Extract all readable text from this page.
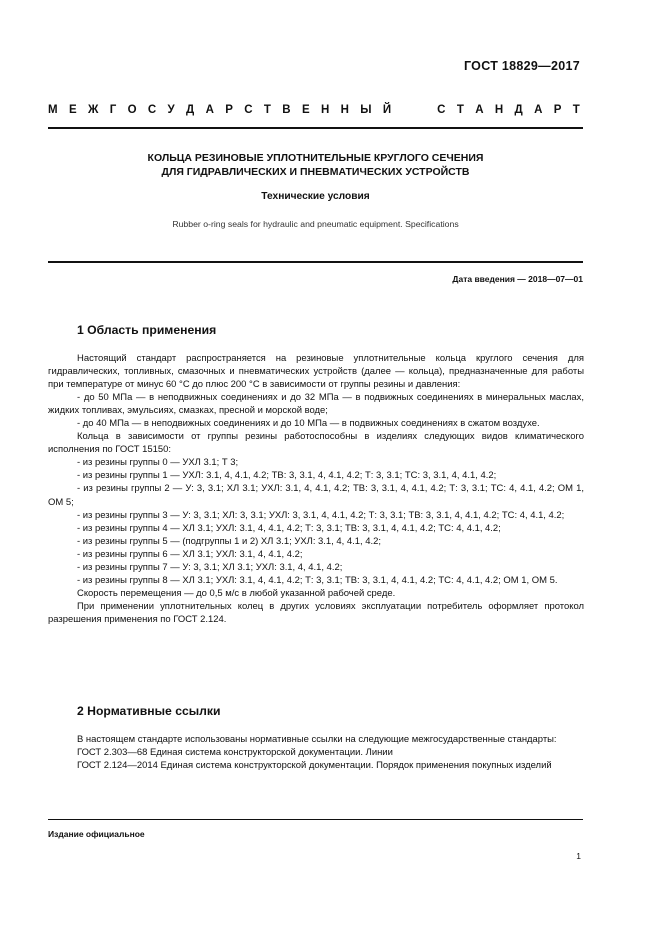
ГОСТ 18829—2017
М Е Ж Г О С У Д А Р С Т В Е Н Н Ы Й	С Т А Н Д А Р Т
КОЛЬЦА РЕЗИНОВЫЕ УПЛОТНИТЕЛЬНЫЕ КРУГЛОГО СЕЧЕНИЯ
ДЛЯ ГИДРАВЛИЧЕСКИХ И ПНЕВМАТИЧЕСКИХ УСТРОЙСТВ
Технические условия
Rubber o-ring seals for hydraulic and pneumatic equipment. Specifications
Дата введения — 2018—07—01
1 Область применения

Настоящий стандарт распространяется на резиновые уплотнительные кольца круглого сечения для гидравлических, топливных, смазочных и пневматических устройств (далее — кольца), предназначенные для работы при температуре от минус 60 °С до плюс 200 °С в зависимости от группы резины и давления:

- до 50 МПа — в неподвижных соединениях и до 32 МПа — в подвижных соединениях в минеральных маслах, жидких топливах, эмульсиях, смазках, пресной и морской воде;

- до 40 МПа — в неподвижных соединениях и до 10 МПа — в подвижных соединениях в сжатом воздухе.

Кольца в зависимости от группы резины работоспособны в изделиях следующих видов климатического исполнения по ГОСТ 15150:

- из резины группы 0 — УХЛ 3.1; Т 3;

- из резины группы 1 — УХЛ: 3.1, 4, 4.1, 4.2; ТВ: 3, 3.1, 4, 4.1, 4.2; Т: 3, 3.1; ТС: 3, 3.1, 4, 4.1, 4.2;

- из резины группы 2 — У: 3, 3.1; ХЛ 3.1; УХЛ: 3.1, 4, 4.1, 4.2; ТВ: 3, 3.1, 4, 4.1, 4.2; Т: 3, 3.1; ТС: 4, 4.1, 4.2; ОМ 1, ОМ 5;

- из резины группы 3 — У: 3, 3.1; ХЛ: 3, 3.1; УХЛ: 3, 3.1, 4, 4.1, 4.2; Т: 3, 3.1; ТВ: 3, 3.1, 4, 4.1, 4.2; ТС: 4, 4.1, 4.2;

- из резины группы 4 — ХЛ 3.1; УХЛ: 3.1, 4, 4.1, 4.2; Т: 3, 3.1; ТВ: 3, 3.1, 4, 4.1, 4.2; ТС: 4, 4.1, 4.2;

- из резины группы 5 — (подгруппы 1 и 2) ХЛ 3.1; УХЛ: 3.1, 4, 4.1, 4.2;

- из резины группы 6 — ХЛ 3.1; УХЛ: 3.1, 4, 4.1, 4.2;

- из резины группы 7 — У: 3, 3.1; ХЛ 3.1; УХЛ: 3.1, 4, 4.1, 4.2;

- из резины группы 8 — ХЛ 3.1; УХЛ: 3.1, 4, 4.1, 4.2; Т: 3, 3.1; ТВ: 3, 3.1, 4, 4.1, 4.2; ТС: 4, 4.1, 4.2; ОМ 1, ОМ 5.

Скорость перемещения — до 0,5 м/с в любой указанной рабочей среде.

При применении уплотнительных колец в других условиях эксплуатации потребитель оформляет протокол разрешения применения по ГОСТ 2.124.

2 Нормативные ссылки

В настоящем стандарте использованы нормативные ссылки на следующие межгосударственные стандарты:

ГОСТ 2.303—68 Единая система конструкторской документации. Линии

ГОСТ 2.124—2014 Единая система конструкторской документации. Порядок применения покупных изделий

Издание официальное
1
